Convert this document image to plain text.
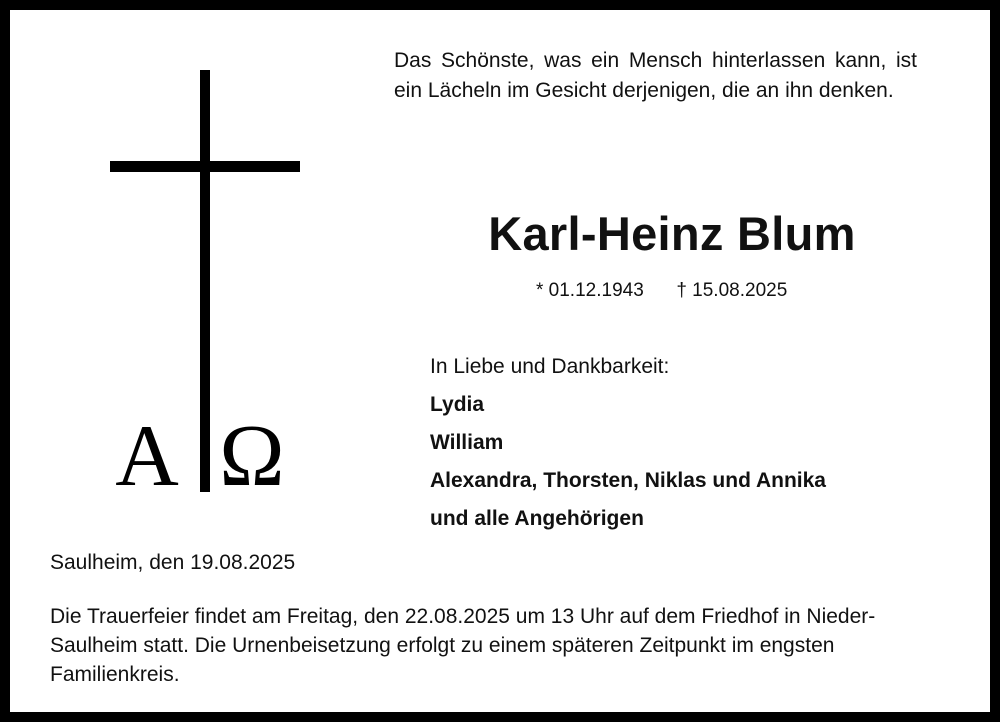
A Ω
Das Schönste, was ein Mensch hinterlassen kann, ist ein Lächeln im Gesicht derjenigen, die an ihn denken.
Karl-Heinz Blum
* 01.12.1943 † 15.08.2025
In Liebe und Dankbarkeit:
Lydia
William
Alexandra, Thorsten, Niklas und Annika
und alle Angehörigen
Saulheim, den 19.08.2025
Die Trauerfeier findet am Freitag, den 22.08.2025 um 13 Uhr auf dem Friedhof in Nieder-Saulheim statt. Die Urnenbeisetzung erfolgt zu einem späteren Zeitpunkt im engsten Familienkreis.
